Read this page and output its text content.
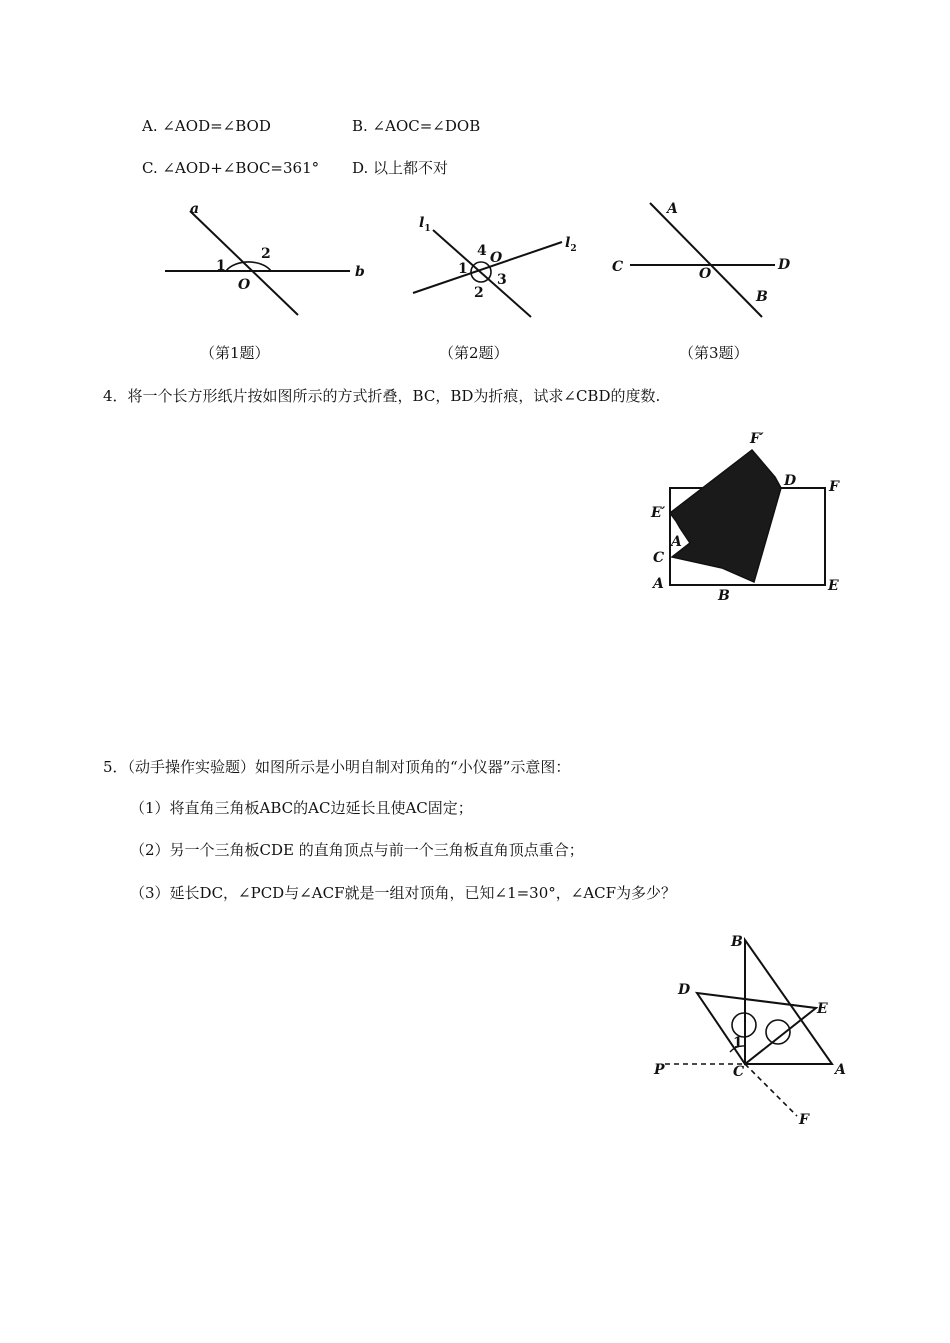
A. ∠AOD=∠BOD	B. ∠AOC=∠DOB
C. ∠AOD+∠BOC=361° D. 以上都不对
a
b
O
1
2
（第1题）
$l_1$
$l_2$
O
1
2
3
4
（第2题）
A
B
C	D
O
（第3题）
4．将一个长方形纸片按如图所示的方式折叠，BC，BD为折痕，试求∠CBD的度数.
F′
D F
E′
A
C
A
B
E
5．（动手操作实验题）如图所示是小明自制对顶角的“小仪器”示意图：
（1）将直角三角板ABC的AC边延长且使AC固定；
（2）另一个三角板CDE 的直角顶点与前一个三角板直角顶点重合；
（3）延长DC，∠PCD与∠ACF就是一组对顶角，已知∠1=30°，∠ACF为多少？
B
D
E
1
P	C	A
F
